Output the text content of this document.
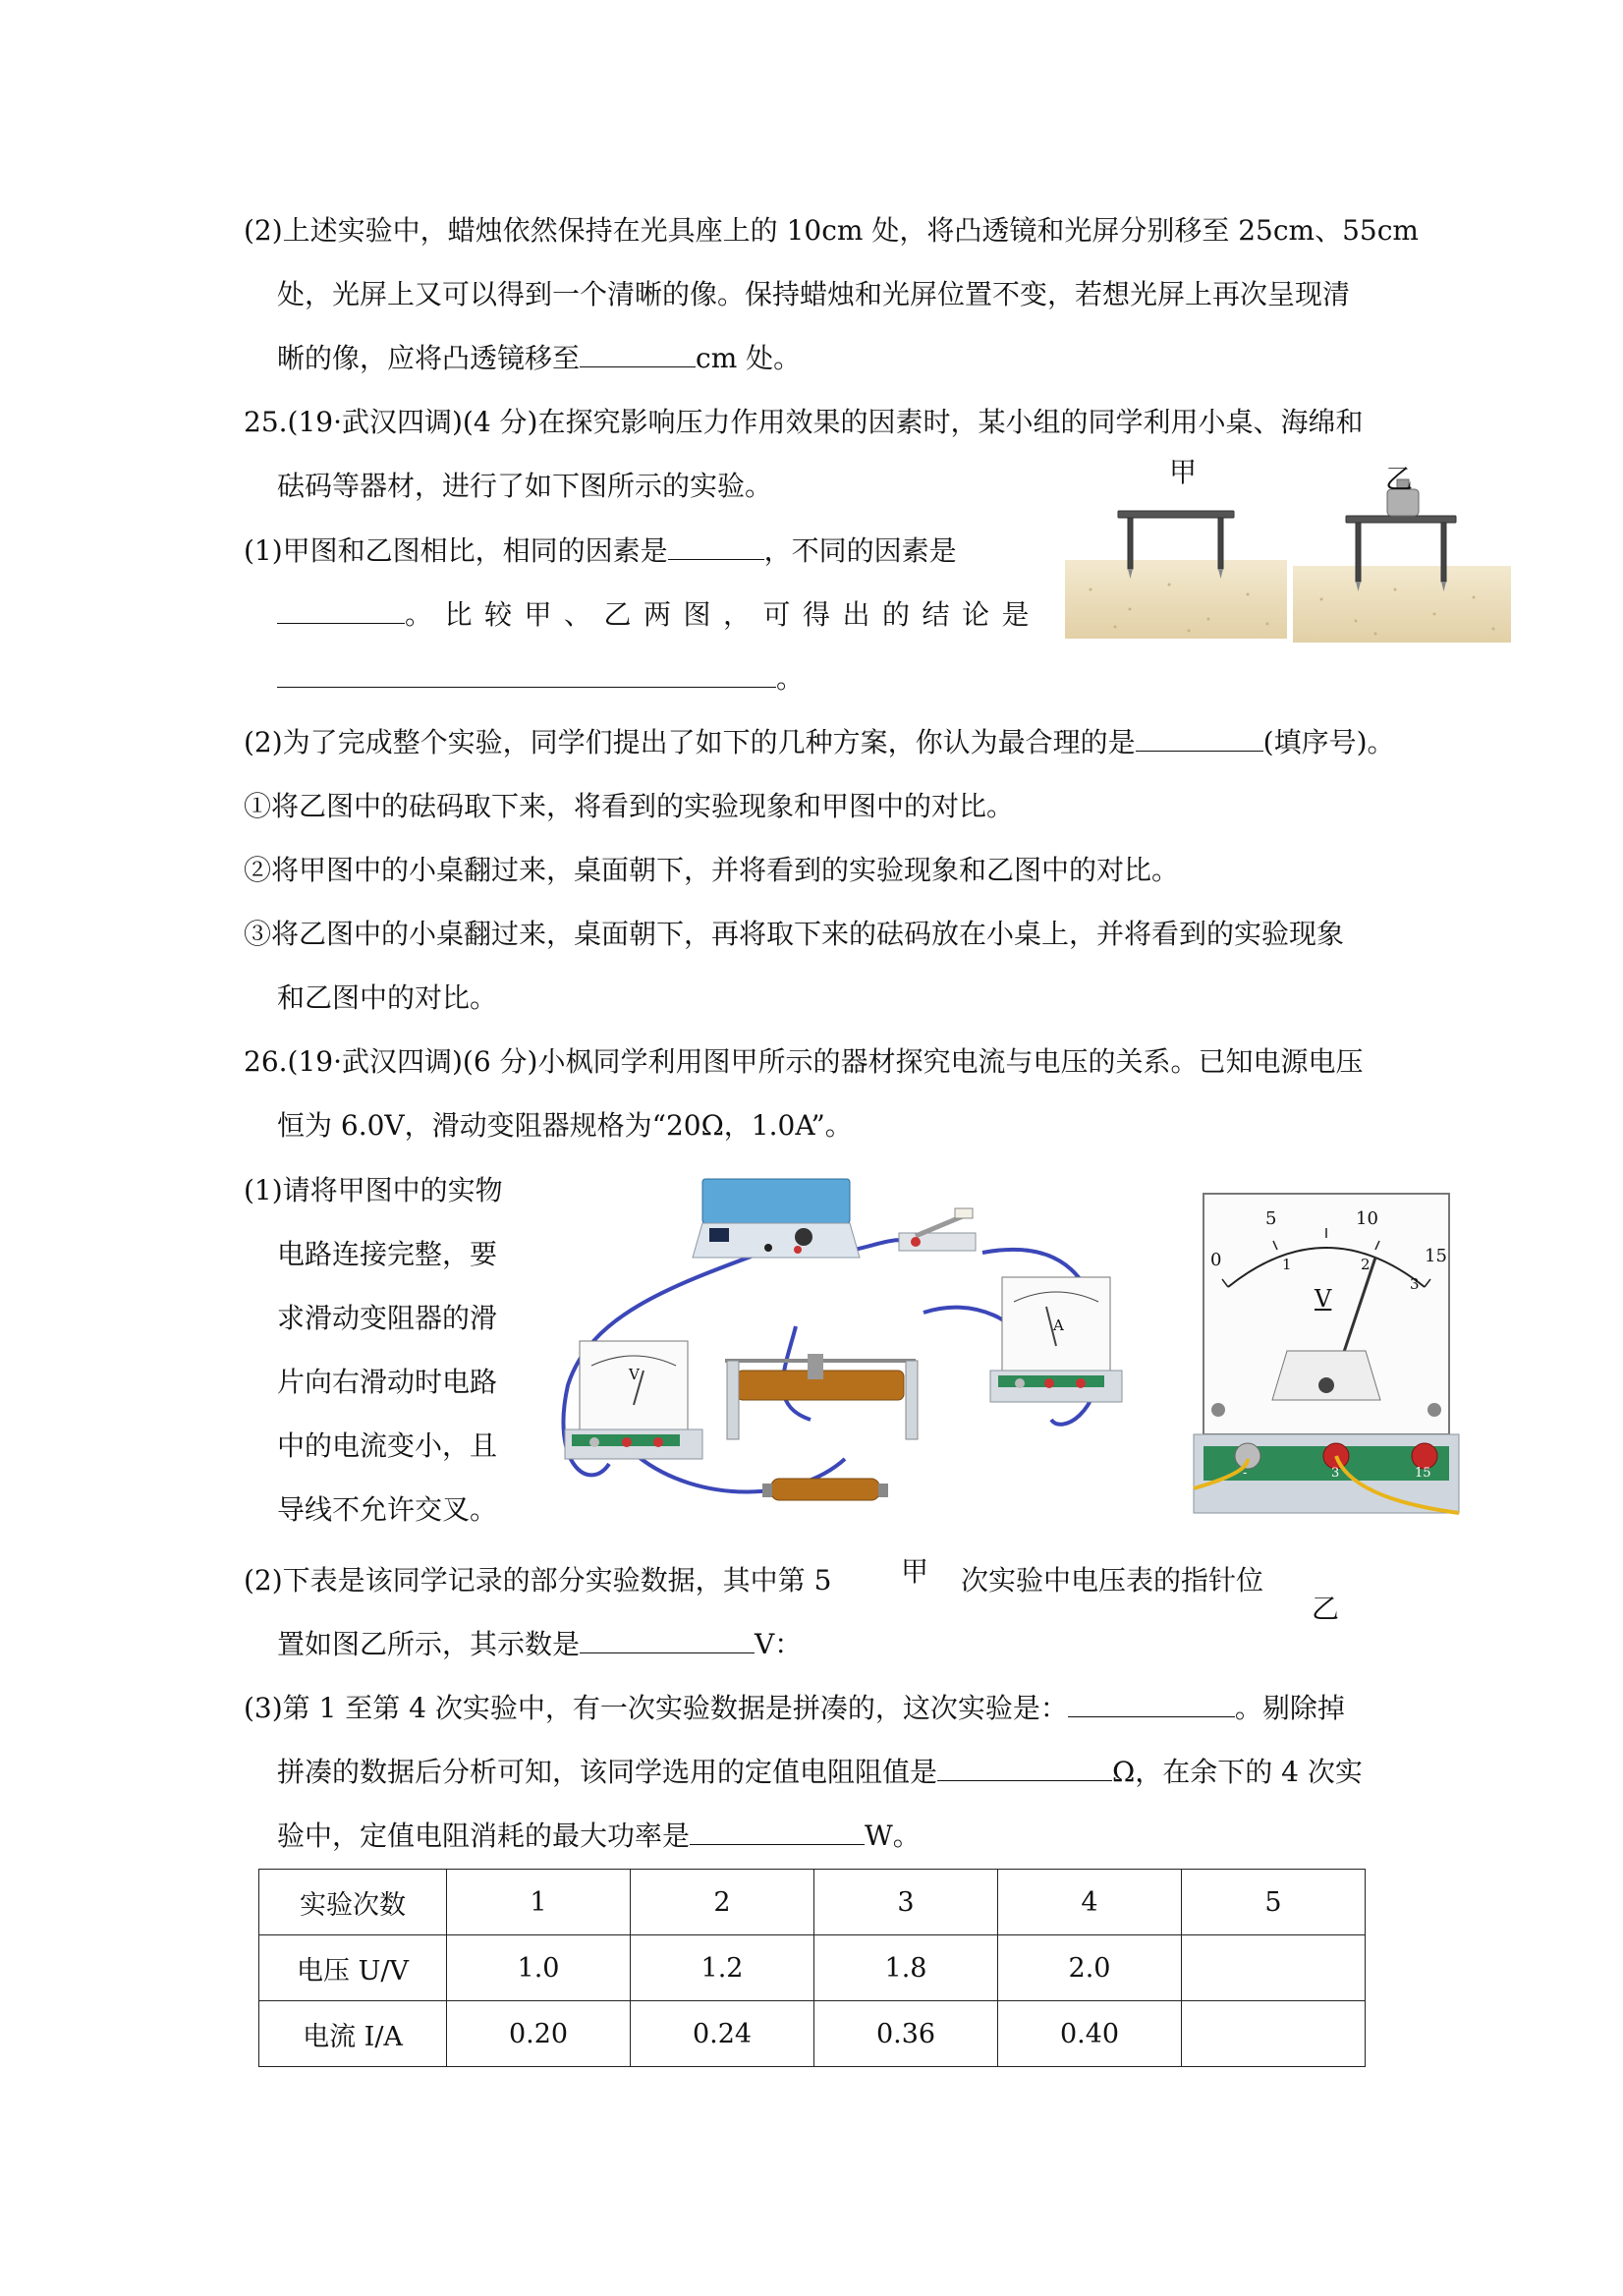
(2)上述实验中，蜡烛依然保持在光具座上的 10cm 处，将凸透镜和光屏分别移至 25cm、55cm
处，光屏上又可以得到一个清晰的像。保持蜡烛和光屏位置不变，若想光屏上再次呈现清
晰的像，应将凸透镜移至	cm 处。
25.(19·武汉四调)(4 分)在探究影响压力作用效果的因素时，某小组的同学利用小桌、海绵和
砝码等器材，进行了如下图所示的实验。
(1)甲图和乙图相比，相同的因素是	，不同的因素是
。比较甲、乙两图，可得出的结论是
。
甲	乙
(2)为了完成整个实验，同学们提出了如下的几种方案，你认为最合理的是	(填序号)。
①将乙图中的砝码取下来，将看到的实验现象和甲图中的对比。
②将甲图中的小桌翻过来，桌面朝下，并将看到的实验现象和乙图中的对比。
③将乙图中的小桌翻过来，桌面朝下，再将取下来的砝码放在小桌上，并将看到的实验现象
和乙图中的对比。
26.(19·武汉四调)(6 分)小枫同学利用图甲所示的器材探究电流与电压的关系。已知电源电压
恒为 6.0V，滑动变阻器规格为“20Ω，1.0A”。
(1)请将甲图中的实物
电路连接完整，要
求滑动变阻器的滑
片向右滑动时电路
中的电流变小，且
导线不允许交叉。
V
A
0
5	10
15
1	2
3
V
-	3	15
(2)下表是该同学记录的部分实验数据，其中第 5	甲 次实验中电压表的指针位
乙
置如图乙所示，其示数是	V：
(3)第 1 至第 4 次实验中，有一次实验数据是拼凑的，这次实验是：	。剔除掉
拼凑的数据后分析可知，该同学选用的定值电阻阻值是	Ω，在余下的 4 次实
验中，定值电阻消耗的最大功率是	W。
实验次数	1	2	3	4	5
电压 U/V	1.0	1.2	1.8	2.0	
电流 I/A	0.20	0.24	0.36	0.40	
